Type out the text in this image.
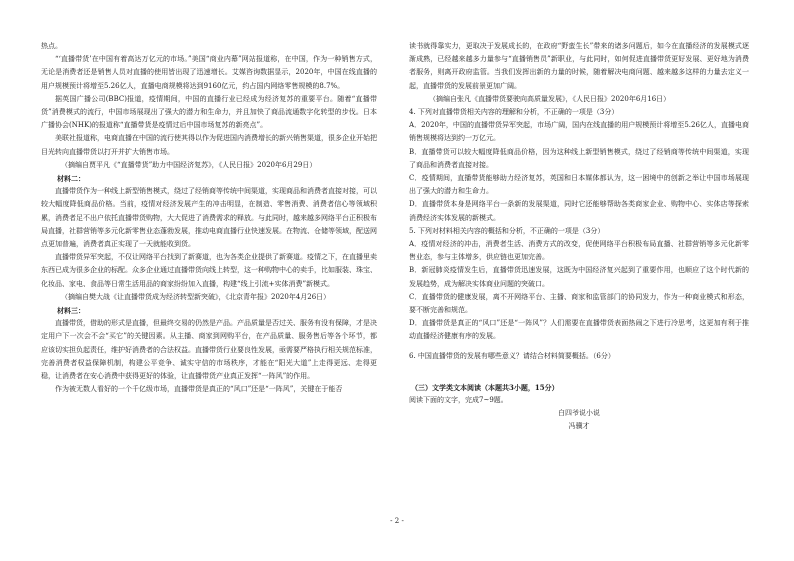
热点。

“‘直播带货’在中国有着高达万亿元的市场。”美国“商业内幕”网站报道称，在中国，作为一种销售方式，无论是消费者还是销售人员对直播的使用皆出现了迅速增长。艾媒咨询数据显示，2020年，中国在线直播的用户规模预计将增至5.26亿人，直播电商规模将达到9160亿元，约占国内网络零售规模的8.7%。

据英国广播公司(BBC)报道，疫情期间，中国的直播行业已经成为经济复苏的重要平台。随着“直播带货”消费模式的流行，中国市场展现出了强大的潜力和生命力，并且加快了商品流通数字化转型的步伐。日本广播协会(NHK)的报道称“直播带货是疫情过后中国市场复苏的新亮点”。

美联社报道称，电商直播在中国的流行使其得以作为促进国内消费增长的新兴销售渠道，很多企业开始把目光转向直播带货以打开并扩大销售市场。

（摘编自贾平凡《“直播带货”助力中国经济复苏》，《人民日报》2020年6月29日）

材料二：

直播带货作为一种线上新型销售模式，绕过了经销商等传统中间渠道，实现商品和消费者直接对接，可以较大幅度降低商品价格。当前，疫情对经济发展产生的冲击明显，在制造、零售消费、消费者信心等领域积累，消费者足不出户依托直播带货购物，大大促进了消费需求的释放。与此同时，越来越多网络平台正积极布局直播，社群营销等多元化新零售业态蓬勃发展，推动电商直播行业快速发展。在物流、仓储等领域，配送网点更加普遍，消费者真正实现了一天就能收到货。

直播带货异军突起，不仅让网络平台找到了新赛道，也为各类企业提供了新赛道。疫情之下，在直播里卖东西已成为很多企业的标配。众多企业通过直播带货向线上转型，这一种购物中心的卖手，比如服装、珠宝、化妆品、家电、食品等日常生活用品的商家纷纷加入直播，构建“线上引流+实体消费”新模式。

（摘编自樊大战《让直播带货成为经济转型新突破》，《北京青年报》2020年4月26日）

材料三：

直播带货，借助的形式是直播，但最终交易的仍然是产品。产品质量是否过关、服务有没有保障，才是决定用户下一次会不会“买它”的关键因素。从主播、商家到网购平台，在产品质量、服务售后等各个环节，都应该切实担负起责任，维护好消费者的合法权益。直播带货行业要良性发展，亟需要严格执行相关规范标准，完善消费者权益保障机制，构建公平竞争、诚实守信的市场秩序，才能在“阳光大道”上走得更远、走得更稳，让消费者在安心消费中获得更好的体验，让直播带货产业真正发挥“一阵风”的作用。

作为被无数人看好的一个千亿级市场，直播带货是真正的“风口”还是“一阵风”，关键在于能否

读书就得靠实力，更取决于发展成长的，在政府“野蛮生长”带来的诸多问题后，如今在直播经济的发展模式逐渐成熟，已经越来越多力量参与“直播销售员”新职业，与此同时，如何促进直播带货更好发展、更好地为消费者服务，则离开政府监管。当我们发挥出新的力量的时候，随着解决电商问题、越来越多这样的力量去定义一起，直播带货的发展前景更加广阔。

（摘编自张凡《直播带货要驶向高质量发展》，《人民日报》2020年6月16日）

4. 下列对直播带货相关内容的理解和分析，不正确的一项是（3分）

A．2020年，中国的直播带货异军突起，市场广阔，国内在线直播的用户规模预计将增至5.26亿人，直播电商销售规模将达到约一万亿元。

B．直播带货可以较大幅度降低商品价格，因为这种线上新型销售模式，绕过了经销商等传统中间渠道，实现了商品和消费者直接对接。

C．疫情期间，直播带货能够助力经济复苏，英国和日本媒体都认为，这一困境中的创新之举让中国市场展现出了强大的潜力和生命力。

D．直播带货本身是网络平台一条新的发展渠道，同时它还能够帮助各类商家企业、购物中心、实体店等探索消费经济实体发展的新模式。

5. 下列对材料相关内容的概括和分析，不正确的一项是（3分）

A．疫情对经济的冲击，消费者生活、消费方式的改变，促使网络平台积极布局直播、社群营销等多元化新零售业态，参与主体增多，供应链也更加完善。

B．新冠肺炎疫情发生后，直播带货迅速发展，这既为中国经济复兴起到了重要作用，也顺应了这个时代新的发展趋势，成为解决实体商业问题的突破口。

C．直播带货的健康发展，离不开网络平台、主播、商家和监管部门的协同发力，作为一种商业模式和形态，要不断完善和规范。

D．直播带货是真正的“风口”还是“一阵风”？人们需要在直播带货表面热闹之下进行冷思考，这更加有利于推动直播经济健康有序的发展。

6. 中国直播带货的发展有哪些意义？请结合材料简要概括。（6分）

（三）文学类文本阅读（本题共3小题，15分）

阅读下面的文字，完成7~9题。

白四爷说小说

冯骥才

- 2 -
